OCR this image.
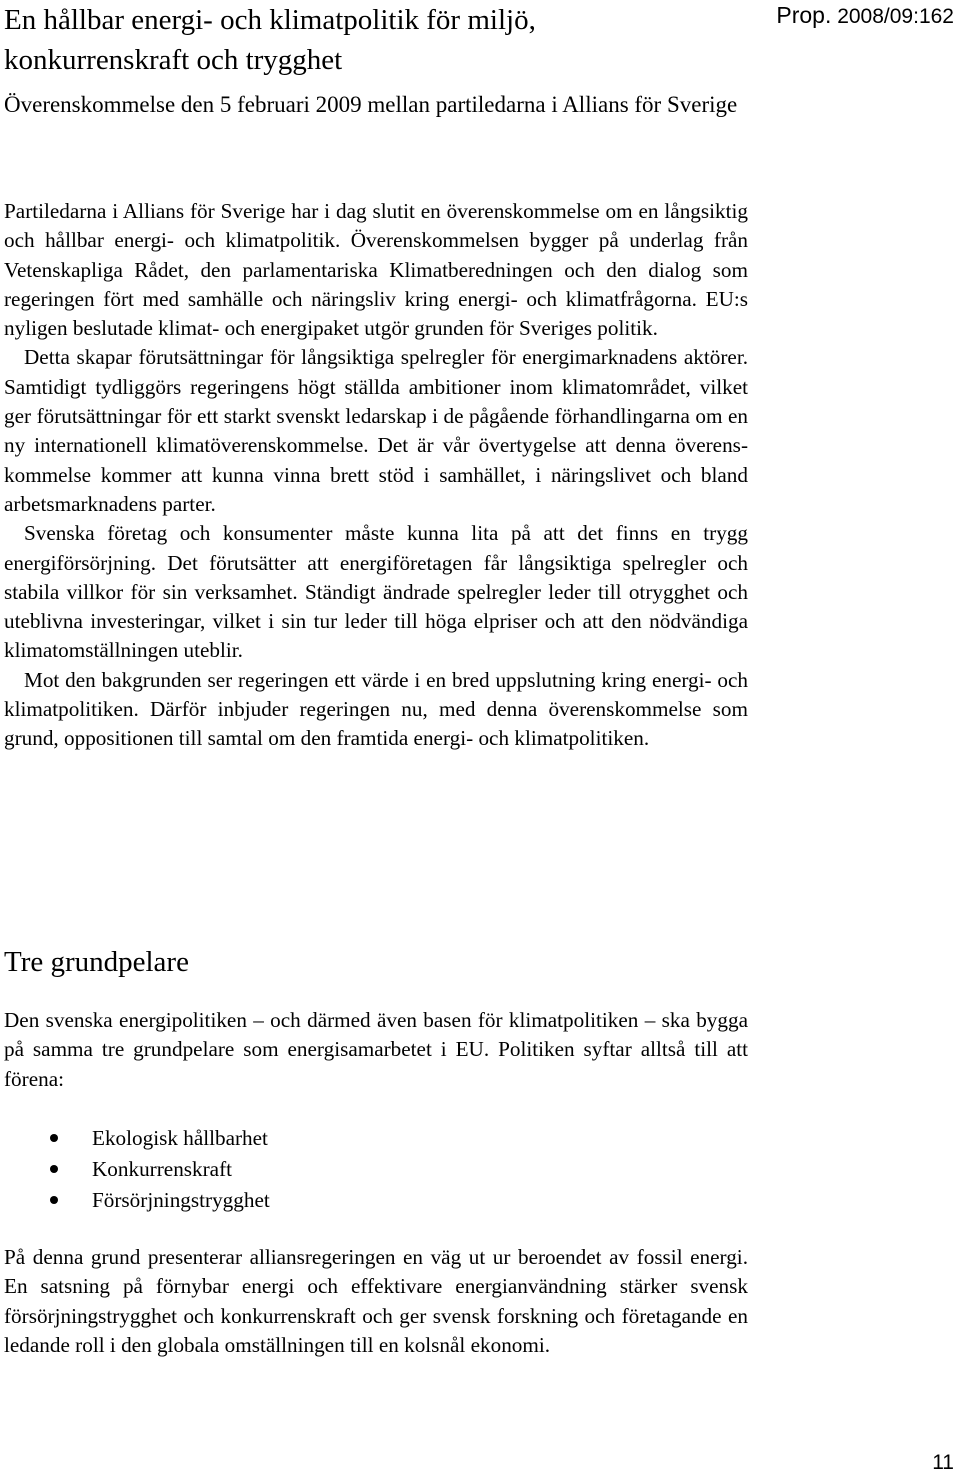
En hållbar energi- och klimatpolitik för miljö, konkurrenskraft och trygghet
Prop. 2008/09:162
Överenskommelse den 5 februari 2009 mellan partiledarna i Allians för Sverige

Partiledarna i Allians för Sverige har i dag slutit en överenskommelse om en långsiktig och hållbar energi- och klimatpolitik. Överenskommelsen bygger på underlag från Vetenskapliga Rådet, den parlamentariska Klimatberedningen och den dialog som regeringen fört med samhälle och näringsliv kring energi- och klimatfrågorna. EU:s nyligen beslutade klimat- och energipaket utgör grunden för Sveriges politik.

Detta skapar förutsättningar för långsiktiga spelregler för energimarknadens aktörer. Samtidigt tydliggörs regeringens högt ställda ambitioner inom klimatområdet, vilket ger förutsättningar för ett starkt svenskt ledarskap i de pågående förhandlingarna om en ny internationell klimatöverenskommelse. Det är vår övertygelse att denna överenskommelse kommer att kunna vinna brett stöd i samhället, i näringslivet och bland arbetsmarknadens parter.

Svenska företag och konsumenter måste kunna lita på att det finns en trygg energiförsörjning. Det förutsätter att energiföretagen får långsiktiga spelregler och stabila villkor för sin verksamhet. Ständigt ändrade spelregler leder till otrygghet och uteblivna investeringar, vilket i sin tur leder till höga elpriser och att den nödvändiga klimatomställningen uteblir.

Mot den bakgrunden ser regeringen ett värde i en bred uppslutning kring energi- och klimatpolitiken. Därför inbjuder regeringen nu, med denna överenskommelse som grund, oppositionen till samtal om den framtida energi- och klimatpolitiken.

Tre grundpelare

Den svenska energipolitiken – och därmed även basen för klimatpolitiken – ska bygga på samma tre grundpelare som energisamarbetet i EU. Politiken syftar alltså till att förena:

Ekologisk hållbarhet
Konkurrenskraft
Försörjningstrygghet

På denna grund presenterar alliansregeringen en väg ut ur beroendet av fossil energi. En satsning på förnybar energi och effektivare energianvändning stärker svensk försörjningstrygghet och konkurrenskraft och ger svensk forskning och företagande en ledande roll i den globala omställningen till en kolsnål ekonomi.

11
